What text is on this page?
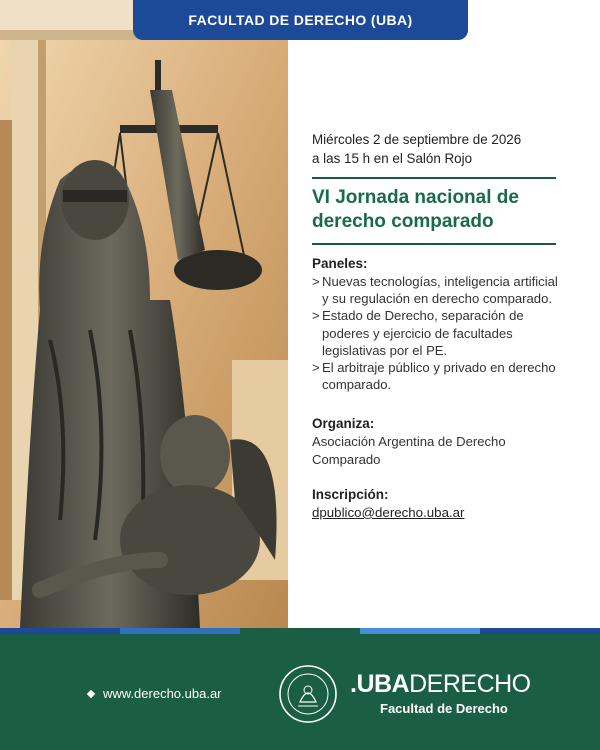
FACULTAD DE DERECHO (UBA)
Miércoles 2 de septiembre de 2026
a las 15 h en el Salón Rojo
VI Jornada nacional de
derecho comparado
Paneles:
> Nuevas tecnologías, inteligencia artificial y su regulación en derecho comparado.
> Estado de Derecho, separación de poderes y ejercicio de facultades legislativas por el PE.
> El arbitraje público y privado en derecho comparado.
Organiza:
Asociación Argentina de Derecho Comparado
Inscripción:
dpublico@derecho.uba.ar
www.derecho.uba.ar	.UBADERECHO
Facultad de Derecho
